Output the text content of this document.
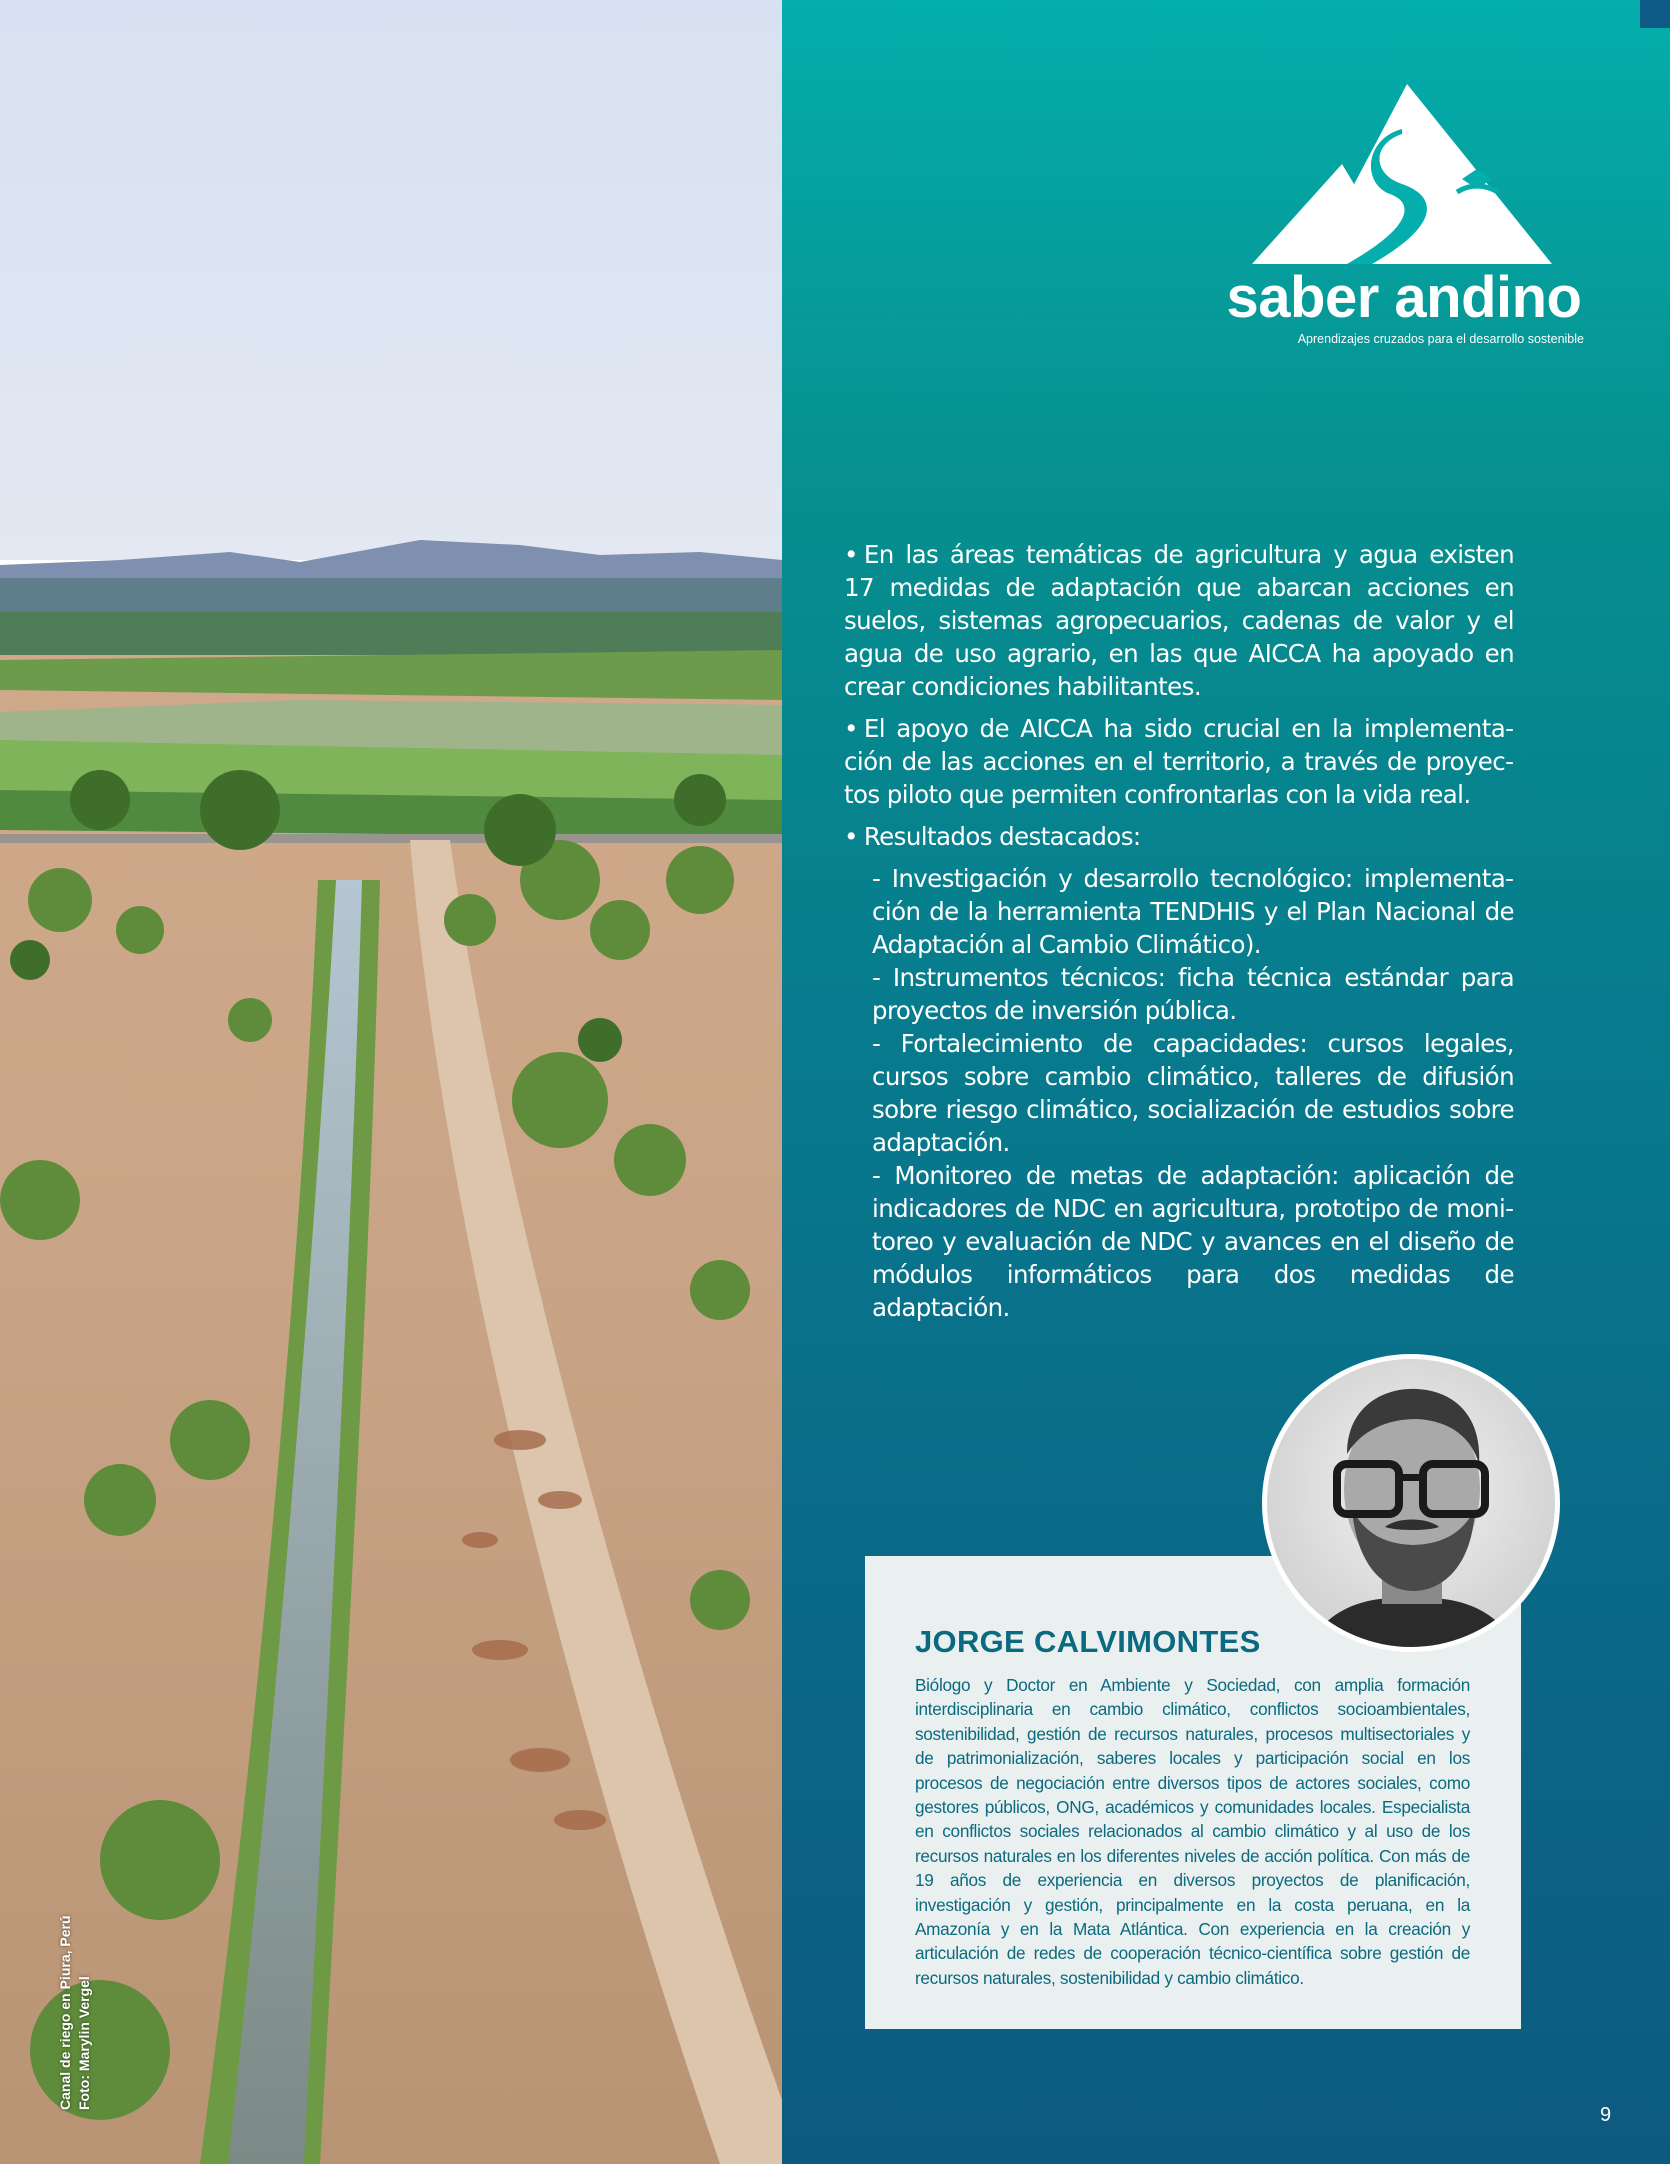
Canal de riego en Piura, Perú Foto: Marylin Vergel
saber andino
Aprendizajes cruzados para el desarrollo sostenible

• En las áreas temáticas de agricultura y agua existen 17 medidas de adaptación que abarcan acciones en suelos, sistemas agropecuarios, cadenas de valor y el agua de uso agrario, en las que AICCA ha apoyado en crear condiciones habilitantes.

• El apoyo de AICCA ha sido crucial en la implementación de las acciones en el territorio, a través de proyectos piloto que permiten confrontarlas con la vida real.

• Resultados destacados:

- Investigación y desarrollo tecnológico: implementación de la herramienta TENDHIS y el Plan Nacional de Adaptación al Cambio Climático).

- Instrumentos técnicos: ficha técnica estándar para proyectos de inversión pública.

- Fortalecimiento de capacidades: cursos legales, cursos sobre cambio climático, talleres de difusión sobre riesgo climático, socialización de estudios sobre adaptación.

- Monitoreo de metas de adaptación: aplicación de indicadores de NDC en agricultura, prototipo de monitoreo y evaluación de NDC y avances en el diseño de módulos informáticos para dos medidas de adaptación.

JORGE CALVIMONTES
Biólogo y Doctor en Ambiente y Sociedad, con amplia formación interdisciplinaria en cambio climático, conflictos socioambientales, sostenibilidad, gestión de recursos naturales, procesos multisectoriales y de patrimonialización, saberes locales y participación social en los procesos de negociación entre diversos tipos de actores sociales, como gestores públicos, ONG, académicos y comunidades locales. Especialista en conflictos sociales relacionados al cambio climático y al uso de los recursos naturales en los diferentes niveles de acción política. Con más de 19 años de experiencia en diversos proyectos de planificación, investigación y gestión, principalmente en la costa peruana, en la Amazonía y en la Mata Atlántica. Con experiencia en la creación y articulación de redes de cooperación técnico-científica sobre gestión de recursos naturales, sostenibilidad y cambio climático.
9
